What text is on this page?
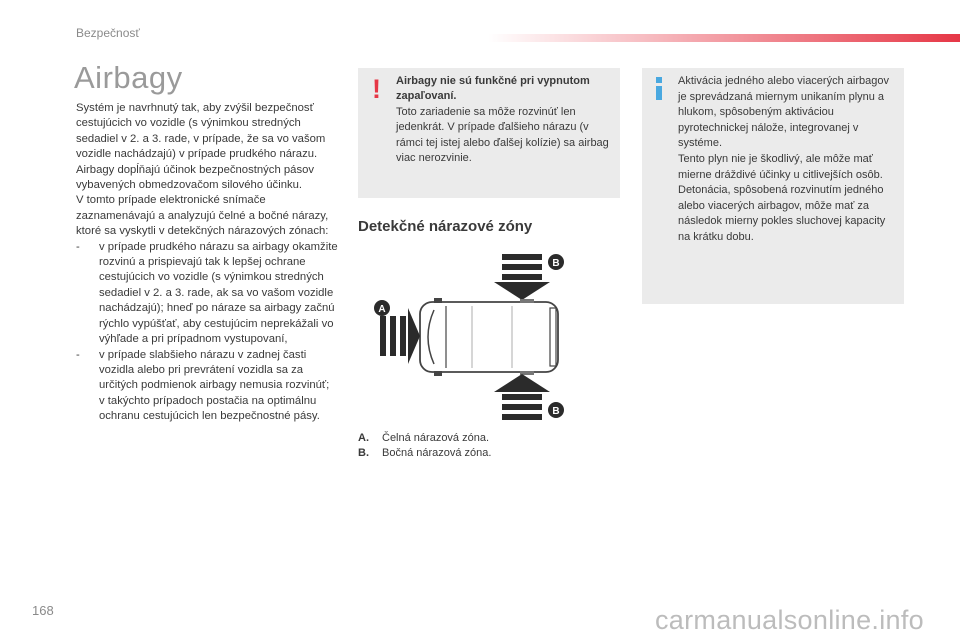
Bezpečnosť
Airbagy

Systém je navrhnutý tak, aby zvýšil bezpečnosť cestujúcich vo vozidle (s výnimkou stredných sedadiel v 2. a 3. rade, v prípade, že sa vo vašom vozidle nachádzajú) v prípade prudkého nárazu. Airbagy dopĺňajú účinok bezpečnostných pásov vybavených obmedzovačom silového účinku.

V tomto prípade elektronické snímače zaznamenávajú a analyzujú čelné a bočné nárazy, ktoré sa vyskytli v detekčných nárazových zónach:

-	v prípade prudkého nárazu sa airbagy okamžite rozvinú a prispievajú tak k lepšej ochrane cestujúcich vo vozidle (s výnimkou stredných sedadiel v 2. a 3. rade, ak sa vo vašom vozidle nachádzajú); hneď po náraze sa airbagy začnú rýchlo vypúšťať, aby cestujúcim neprekážali vo výhľade a pri prípadnom vystupovaní,
-	v prípade slabšieho nárazu v zadnej časti vozidla alebo pri prevrátení vozidla sa za určitých podmienok airbagy nemusia rozvinúť; v takýchto prípadoch postačia na optimálnu ochranu cestujúcich len bezpečnostné pásy.
! Airbagy nie sú funkčné pri vypnutom zapaľovaní.
Toto zariadenie sa môže rozvinúť len jedenkrát. V prípade ďalšieho nárazu (v rámci tej istej alebo ďalšej kolízie) sa airbag viac nerozvinie.
Aktivácia jedného alebo viacerých airbagov je sprevádzaná miernym unikaním plynu a hlukom, spôsobeným aktiváciou pyrotechnickej náložе, integrovanej v systéme.
Tento plyn nie je škodlivý, ale môže mať mierne dráždivé účinky u citlivejších osôb.
Detonácia, spôsobená rozvinutím jedného alebo viacerých airbagov, môže mať za následok mierny pokles sluchovej kapacity na krátku dobu.
Detekčné nárazové zóny
B
A
B
A.	Čelná nárazová zóna.
B.	Bočná nárazová zóna.
168	carmanualsonline.info
